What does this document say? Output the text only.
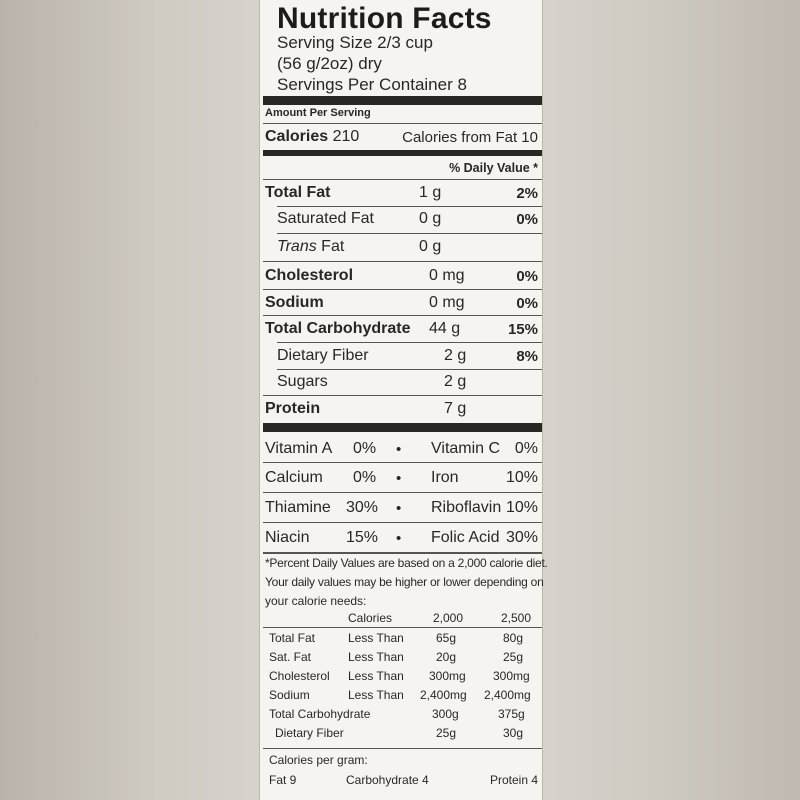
Nutrition Facts
Serving Size 2/3 cup
(56 g/2oz) dry
Servings Per Container 8
Amount Per Serving
Calories 210	Calories from Fat 10
% Daily Value *
Total Fat	1 g	2%
Saturated Fat	0 g	0%
Trans Fat	0 g
Cholesterol	0 mg	0%
Sodium	0 mg	0%
Total Carbohydrate 44 g	15%
Dietary Fiber	2 g	8%
Sugars	2 g
Protein	7 g
Vitamin A 0% • Vitamin C 0%
Calcium 0% • Iron	10%
Thiamine 30% • Riboflavin 10%
Niacin 15% • Folic Acid 30%
*Percent Daily Values are based on a 2,000 calorie diet.
Your daily values may be higher or lower depending on
your calorie needs:
Calories	2,000	2,500
Total Fat	Less Than	65g	80g
Sat. Fat	Less Than	20g	25g
Cholesterol Less Than 300mg 300mg
Sodium	Less Than 2,400mg 2,400mg
Total Carbohydrate	300g	375g
Dietary Fiber	25g	30g
Calories per gram:
Fat 9	Carbohydrate 4	Protein 4
